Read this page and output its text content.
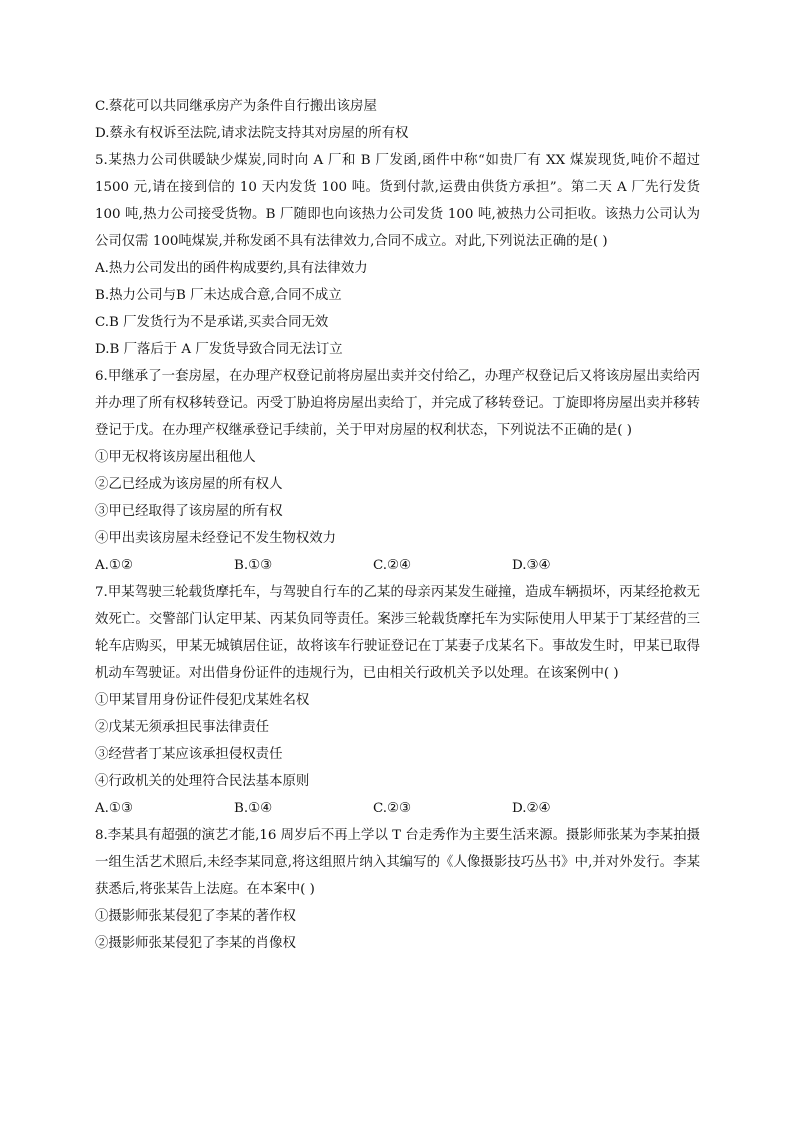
C.蔡花可以共同继承房产为条件自行搬出该房屋
D.蔡永有权诉至法院,请求法院支持其对房屋的所有权
5.某热力公司供暖缺少煤炭,同时向 A 厂和 B 厂发函,函件中称“如贵厂有 XX 煤炭现货,吨价不超过 1500 元,请在接到信的 10 天内发货 100 吨。货到付款,运费由供货方承担”。第二天 A 厂先行发货 100 吨,热力公司接受货物。B 厂随即也向该热力公司发货 100 吨,被热力公司拒收。该热力公司认为公司仅需 100吨煤炭,并称发函不具有法律效力,合同不成立。对此,下列说法正确的是( )
A.热力公司发出的函件构成要约,具有法律效力
B.热力公司与B 厂未达成合意,合同不成立
C.B 厂发货行为不是承诺,买卖合同无效
D.B 厂落后于 A 厂发货导致合同无法订立
6.甲继承了一套房屋，在办理产权登记前将房屋出卖并交付给乙，办理产权登记后又将该房屋出卖给丙并办理了所有权移转登记。丙受丁胁迫将房屋出卖给丁，并完成了移转登记。丁旋即将房屋出卖并移转登记于戊。在办理产权继承登记手续前，关于甲对房屋的权利状态，下列说法不正确的是( )
①甲无权将该房屋出租他人
②乙已经成为该房屋的所有权人
③甲已经取得了该房屋的所有权
④甲出卖该房屋未经登记不发生物权效力
A.①②	B.①③	C.②④	D.③④
7.甲某驾驶三轮载货摩托车，与驾驶自行车的乙某的母亲丙某发生碰撞，造成车辆损坏，丙某经抢救无效死亡。交警部门认定甲某、丙某负同等责任。案涉三轮载货摩托车为实际使用人甲某于丁某经营的三轮车店购买，甲某无城镇居住证，故将该车行驶证登记在丁某妻子戊某名下。事故发生时，甲某已取得机动车驾驶证。对出借身份证件的违规行为，已由相关行政机关予以处理。在该案例中( )
①甲某冒用身份证件侵犯戊某姓名权
②戊某无须承担民事法律责任
③经营者丁某应该承担侵权责任
④行政机关的处理符合民法基本原则
A.①③	B.①④	C.②③	D.②④
8.李某具有超强的演艺才能,16 周岁后不再上学以 T 台走秀作为主要生活来源。摄影师张某为李某拍摄一组生活艺术照后,未经李某同意,将这组照片纳入其编写的《人像摄影技巧丛书》中,并对外发行。李某获悉后,将张某告上法庭。在本案中( )
①摄影师张某侵犯了李某的著作权
②摄影师张某侵犯了李某的肖像权
